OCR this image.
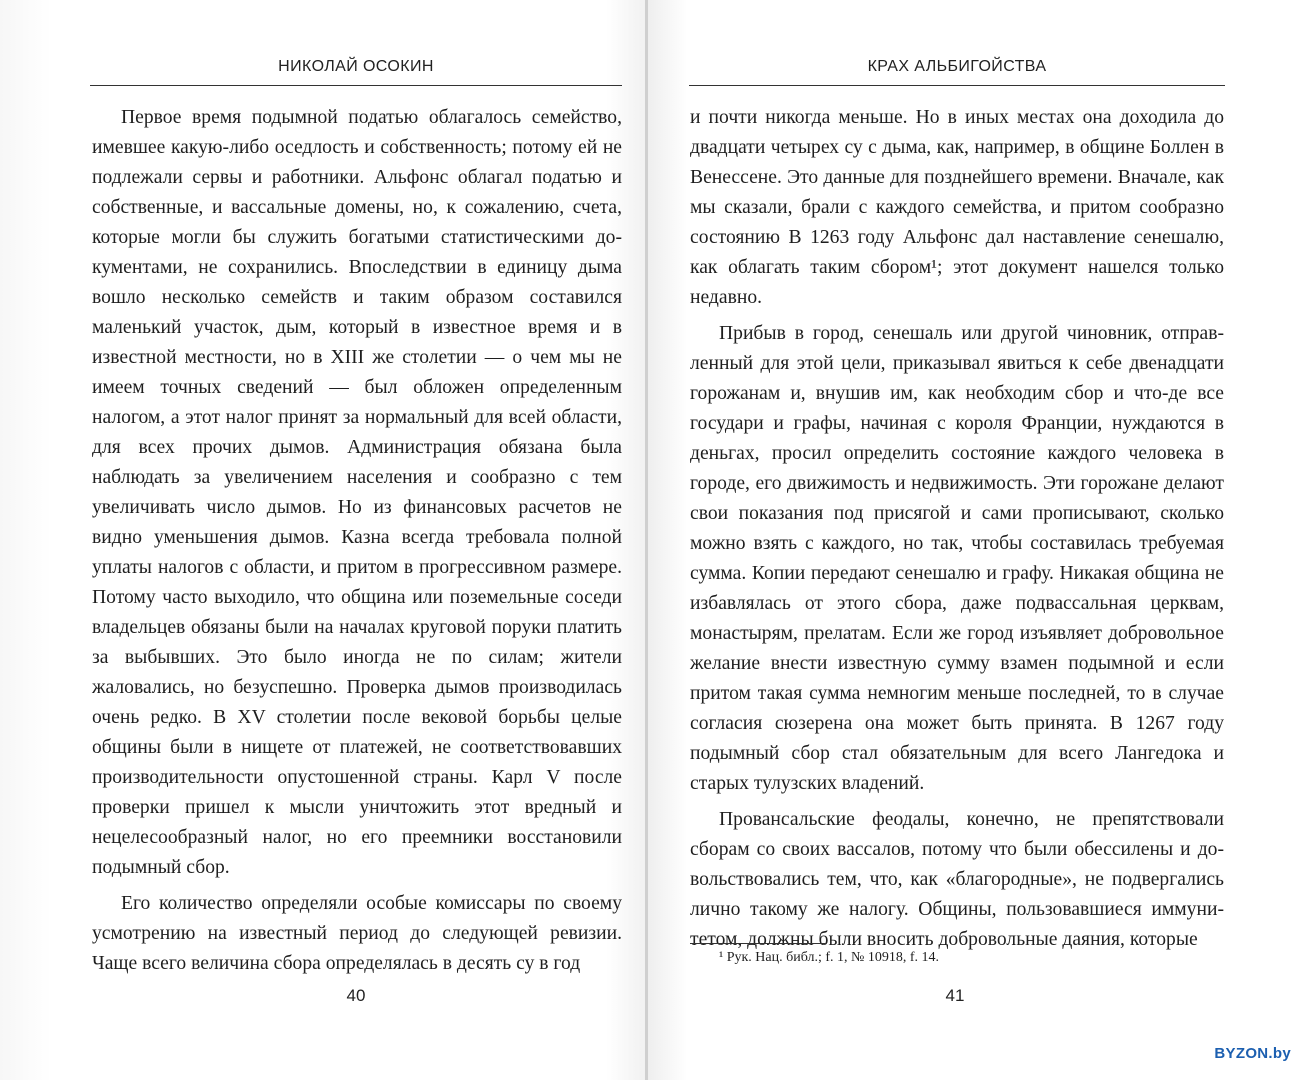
НИКОЛАЙ ОСОКИН

Первое время подымной податью облагалось семейство, имевшее какую-либо оседлость и собственность; потому ей не подлежали сервы и работники. Альфонс облагал податью и собственные, и вассальные домены, но, к сожалению, счета, которые могли бы служить богатыми статистическими документами, не сохранились. Впоследствии в единицу дыма вошло несколько семейств и таким образом составился маленький участок, дым, который в известное время и в известной местности, но в XIII же столетии — о чем мы не имеем точных сведений — был обложен определенным налогом, а этот налог принят за нормальный для всей области, для всех прочих дымов. Администрация обязана была наблюдать за увеличением населения и сообразно с тем увеличивать число дымов. Но из финансовых расчетов не видно уменьшения дымов. Казна всегда требовала полной уплаты налогов с области, и притом в прогрессивном размере. Потому часто выходило, что община или поземельные соседи владельцев обязаны были на началах круговой поруки платить за выбывших. Это было иногда не по силам; жители жаловались, но безуспешно. Проверка дымов производилась очень редко. В XV столетии после вековой борьбы целые общины были в нищете от платежей, не соответствовавших производительности опустошенной страны. Карл V после проверки пришел к мысли уничтожить этот вредный и нецелесообразный налог, но его преемники восстановили подымный сбор.

Его количество определяли особые комиссары по своему усмотрению на известный период до следующей ревизии. Чаще всего величина сбора определялась в десять су в год

40
КРАХ АЛЬБИГОЙСТВА

и почти никогда меньше. Но в иных местах она доходила до двадцати четырех су с дыма, как, например, в общине Боллен в Венессене. Это данные для позднейшего времени. Вначале, как мы сказали, брали с каждого семейства, и притом сообразно состоянию В 1263 году Альфонс дал наставление сенешалю, как облагать таким сбором¹; этот документ нашелся только недавно.

Прибыв в город, сенешаль или другой чиновник, отправленный для этой цели, приказывал явиться к себе двенадцати горожанам и, внушив им, как необходим сбор и что-де все государи и графы, начиная с короля Франции, нуждаются в деньгах, просил определить состояние каждого человека в городе, его движимость и недвижимость. Эти горожане делают свои показания под присягой и сами прописывают, сколько можно взять с каждого, но так, чтобы составилась требуемая сумма. Копии передают сенешалю и графу. Никакая община не избавлялась от этого сбора, даже подвассальная церквам, монастырям, прелатам. Если же город изъявляет добровольное желание внести известную сумму взамен подымной и если притом такая сумма немногим меньше последней, то в случае согласия сюзерена она может быть принята. В 1267 году подымный сбор стал обязательным для всего Лангедока и старых тулузских владений.

Провансальские феодалы, конечно, не препятствовали сборам со своих вассалов, потому что были обессилены и довольствовались тем, что, как «благородные», не подвергались лично такому же налогу. Общины, пользовавшиеся иммунитетом, должны были вносить добровольные даяния, которые

¹ Рук. Нац. библ.; f. 1, № 10918, f. 14.
41
BYZON.by
